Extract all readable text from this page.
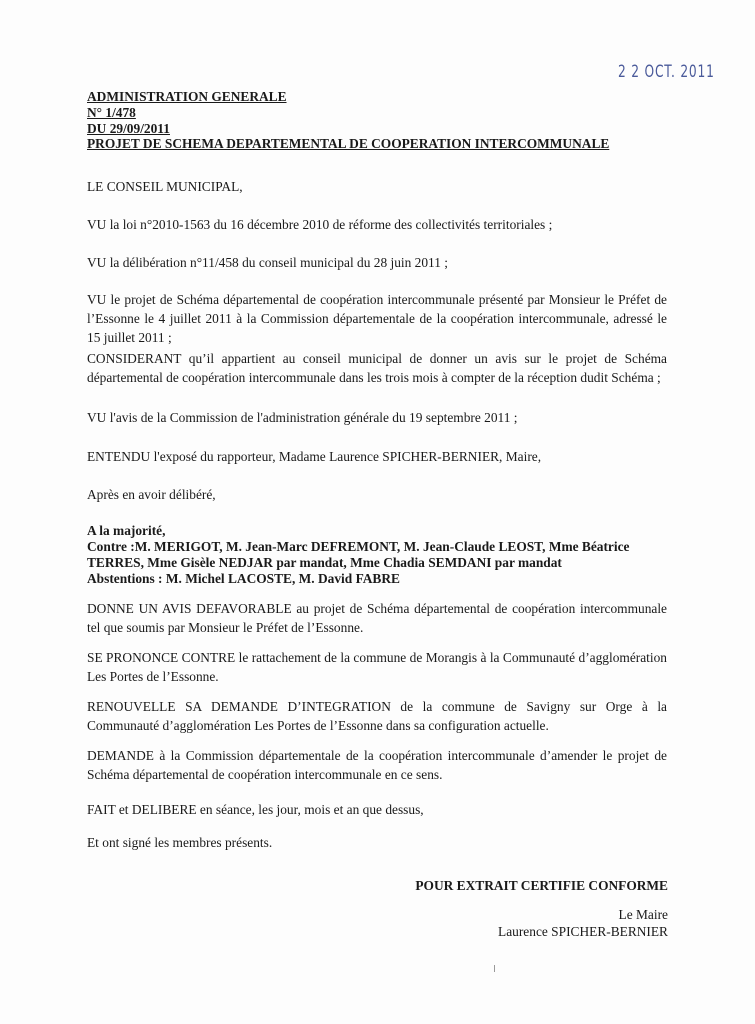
2 2 OCT. 2011
ADMINISTRATION GENERALE
N° 1/478
DU 29/09/2011
PROJET DE SCHEMA DEPARTEMENTAL DE COOPERATION INTERCOMMUNALE
LE CONSEIL MUNICIPAL,
VU la loi n°2010-1563 du 16 décembre 2010 de réforme des collectivités territoriales ;
VU la délibération n°11/458 du conseil municipal du 28 juin 2011 ;
VU le projet de Schéma départemental de coopération intercommunale présenté par Monsieur le Préfet de l’Essonne le 4 juillet 2011 à la Commission départementale de la coopération intercommunale, adressé le 15 juillet 2011 ;
CONSIDERANT qu’il appartient au conseil municipal de donner un avis sur le projet de Schéma départemental de coopération intercommunale dans les trois mois à compter de la réception dudit Schéma ;
VU l'avis de la Commission de l'administration générale du 19 septembre 2011 ;
ENTENDU l'exposé du rapporteur, Madame Laurence SPICHER-BERNIER, Maire,
Après en avoir délibéré,
A la majorité,
Contre :M. MERIGOT, M. Jean-Marc DEFREMONT, M. Jean-Claude LEOST, Mme Béatrice
TERRES, Mme Gisèle NEDJAR par mandat, Mme Chadia SEMDANI par mandat
Abstentions : M. Michel LACOSTE, M. David FABRE
DONNE UN AVIS DEFAVORABLE au projet de Schéma départemental de coopération intercommunale tel que soumis par Monsieur le Préfet de l’Essonne.
SE PRONONCE CONTRE le rattachement de la commune de Morangis à la Communauté d’agglomération Les Portes de l’Essonne.
RENOUVELLE SA DEMANDE D’INTEGRATION de la commune de Savigny sur Orge à la Communauté d’agglomération Les Portes de l’Essonne dans sa configuration actuelle.
DEMANDE à la Commission départementale de la coopération intercommunale d’amender le projet de Schéma départemental de coopération intercommunale en ce sens.
FAIT et DELIBERE en séance, les jour, mois et an que dessus,
Et ont signé les membres présents.
POUR EXTRAIT CERTIFIE CONFORME
Le Maire
Laurence SPICHER-BERNIER
